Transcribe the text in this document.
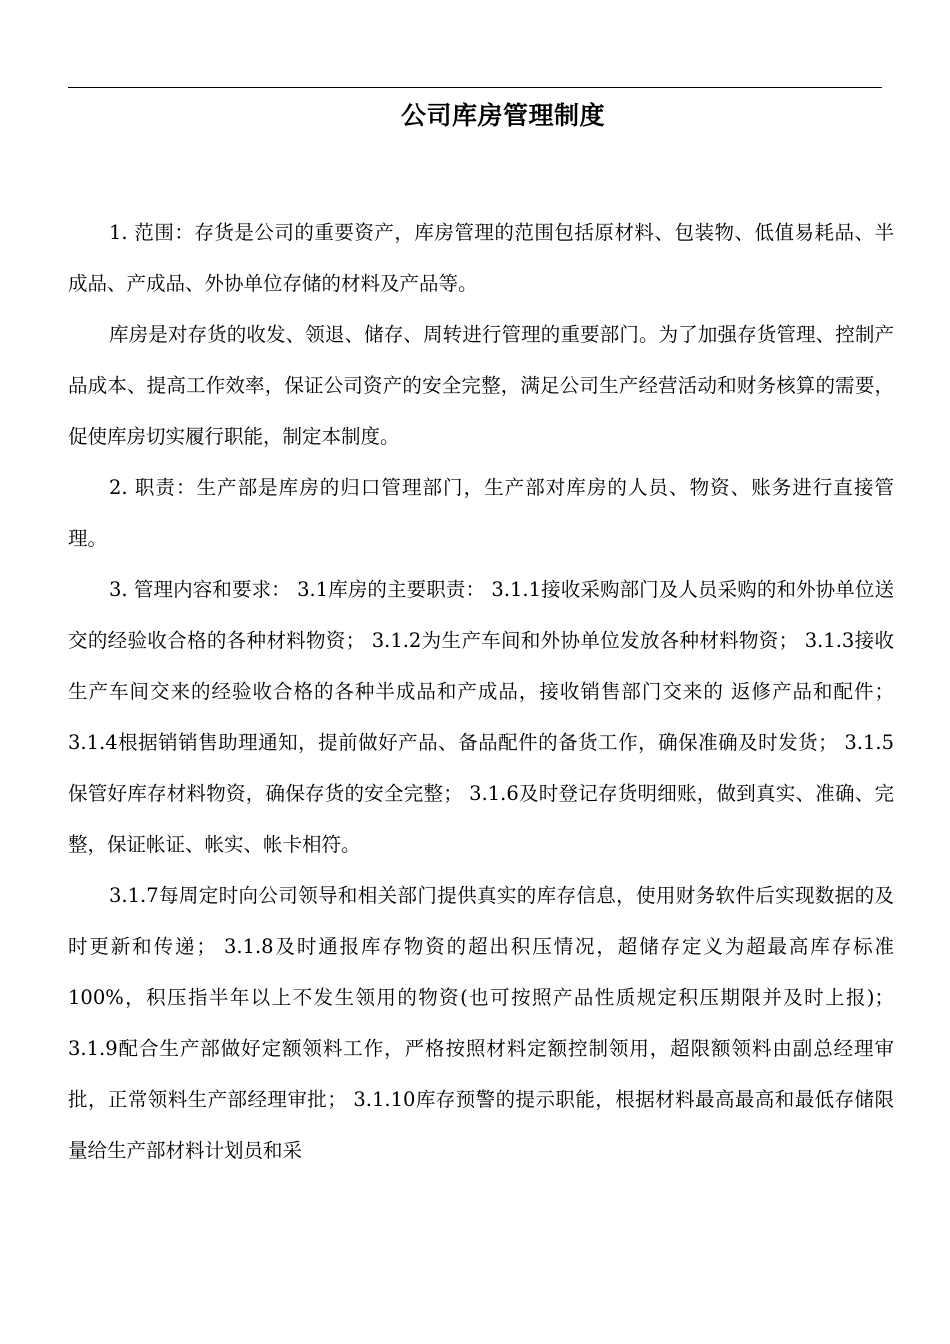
公司库房管理制度

1. 范围：存货是公司的重要资产，库房管理的范围包括原材料、包装物、低值易耗品、半成品、产成品、外协单位存储的材料及产品等。

库房是对存货的收发、领退、储存、周转进行管理的重要部门。为了加强存货管理、控制产品成本、提高工作效率，保证公司资产的安全完整，满足公司生产经营活动和财务核算的需要，促使库房切实履行职能，制定本制度。

2. 职责：生产部是库房的归口管理部门，生产部对库房的人员、物资、账务进行直接管理。

3. 管理内容和要求： 3.1库房的主要职责： 3.1.1接收采购部门及人员采购的和外协单位送交的经验收合格的各种材料物资； 3.1.2为生产车间和外协单位发放各种材料物资； 3.1.3接收生产车间交来的经验收合格的各种半成品和产成品，接收销售部门交来的 返修产品和配件； 3.1.4根据销销售助理通知，提前做好产品、备品配件的备货工作，确保准确及时发货； 3.1.5保管好库存材料物资，确保存货的安全完整； 3.1.6及时登记存货明细账，做到真实、准确、完整，保证帐证、帐实、帐卡相符。

3.1.7每周定时向公司领导和相关部门提供真实的库存信息，使用财务软件后实现数据的及时更新和传递； 3.1.8及时通报库存物资的超出积压情况，超储存定义为超最高库存标准100%，积压指半年以上不发生领用的物资(也可按照产品性质规定积压期限并及时上报)； 3.1.9配合生产部做好定额领料工作，严格按照材料定额控制领用，超限额领料由副总经理审批，正常领料生产部经理审批； 3.1.10库存预警的提示职能，根据材料最高最高和最低存储限量给生产部材料计划员和采
